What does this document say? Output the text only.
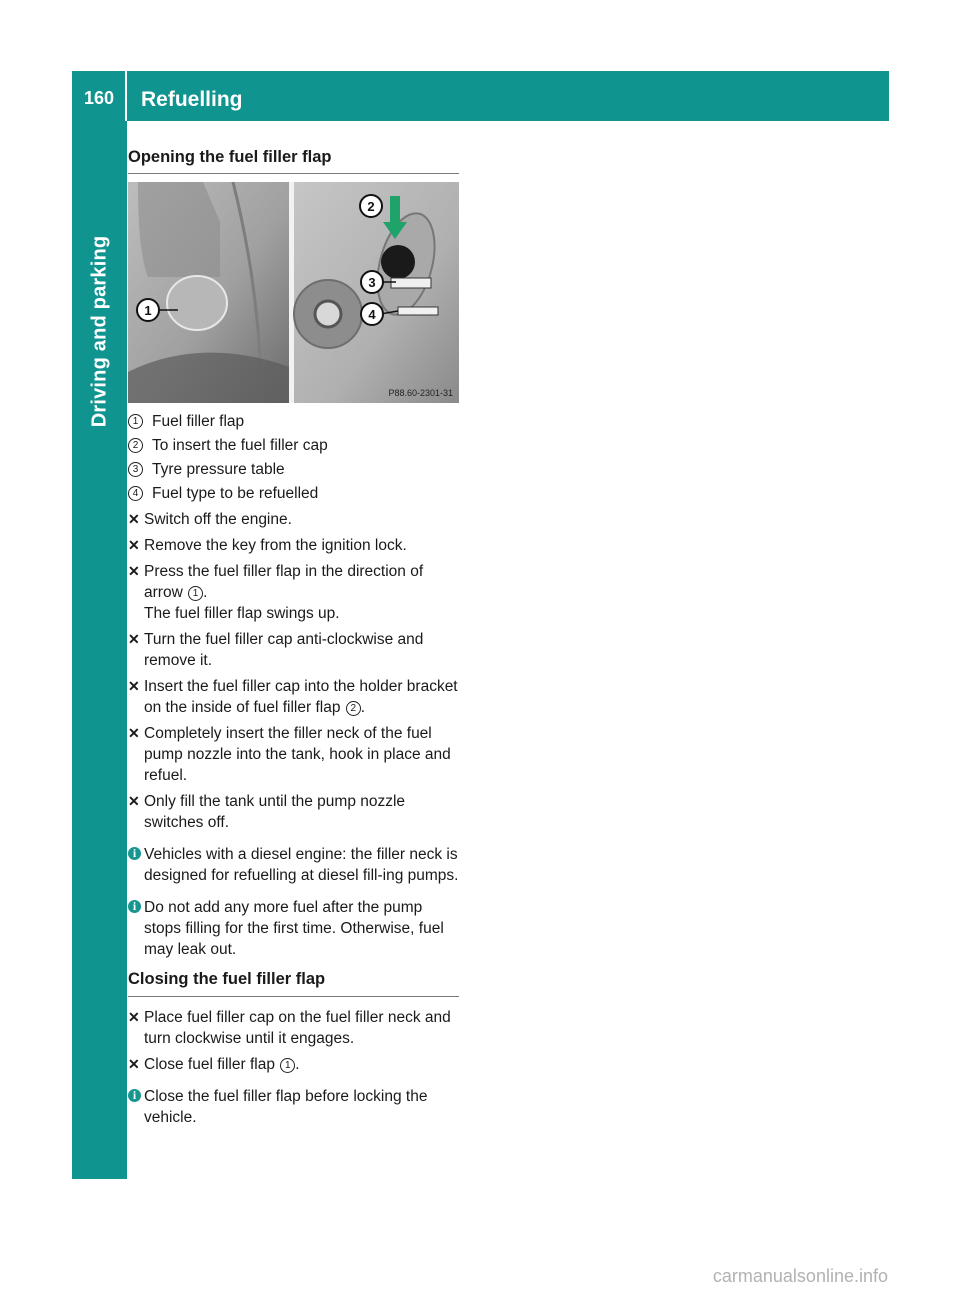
160 Refuelling
Driving and parking
Opening the fuel filler flap
1
2
3
4
P88.60-2301-31
1 Fuel filler flap
2 To insert the fuel filler cap
3 Tyre pressure table
4 Fuel type to be refuelled
✕ Switch off the engine.
✕ Remove the key from the ignition lock.
✕ Press the fuel filler flap in the direction of arrow 1 .
The fuel filler flap swings up.
✕ Turn the fuel filler cap anti-clockwise and remove it.
✕ Insert the fuel filler cap into the holder bracket on the inside of fuel filler flap 2 .
✕ Completely insert the filler neck of the fuel pump nozzle into the tank, hook in place and refuel.
✕ Only fill the tank until the pump nozzle switches off.
i Vehicles with a diesel engine: the filler neck is designed for refuelling at diesel fill-ing pumps.
i Do not add any more fuel after the pump stops filling for the first time. Otherwise, fuel may leak out.
Closing the fuel filler flap
✕ Place fuel filler cap on the fuel filler neck and turn clockwise until it engages.
✕ Close fuel filler flap 1 .
i Close the fuel filler flap before locking the vehicle.
carmanualsonline.info
